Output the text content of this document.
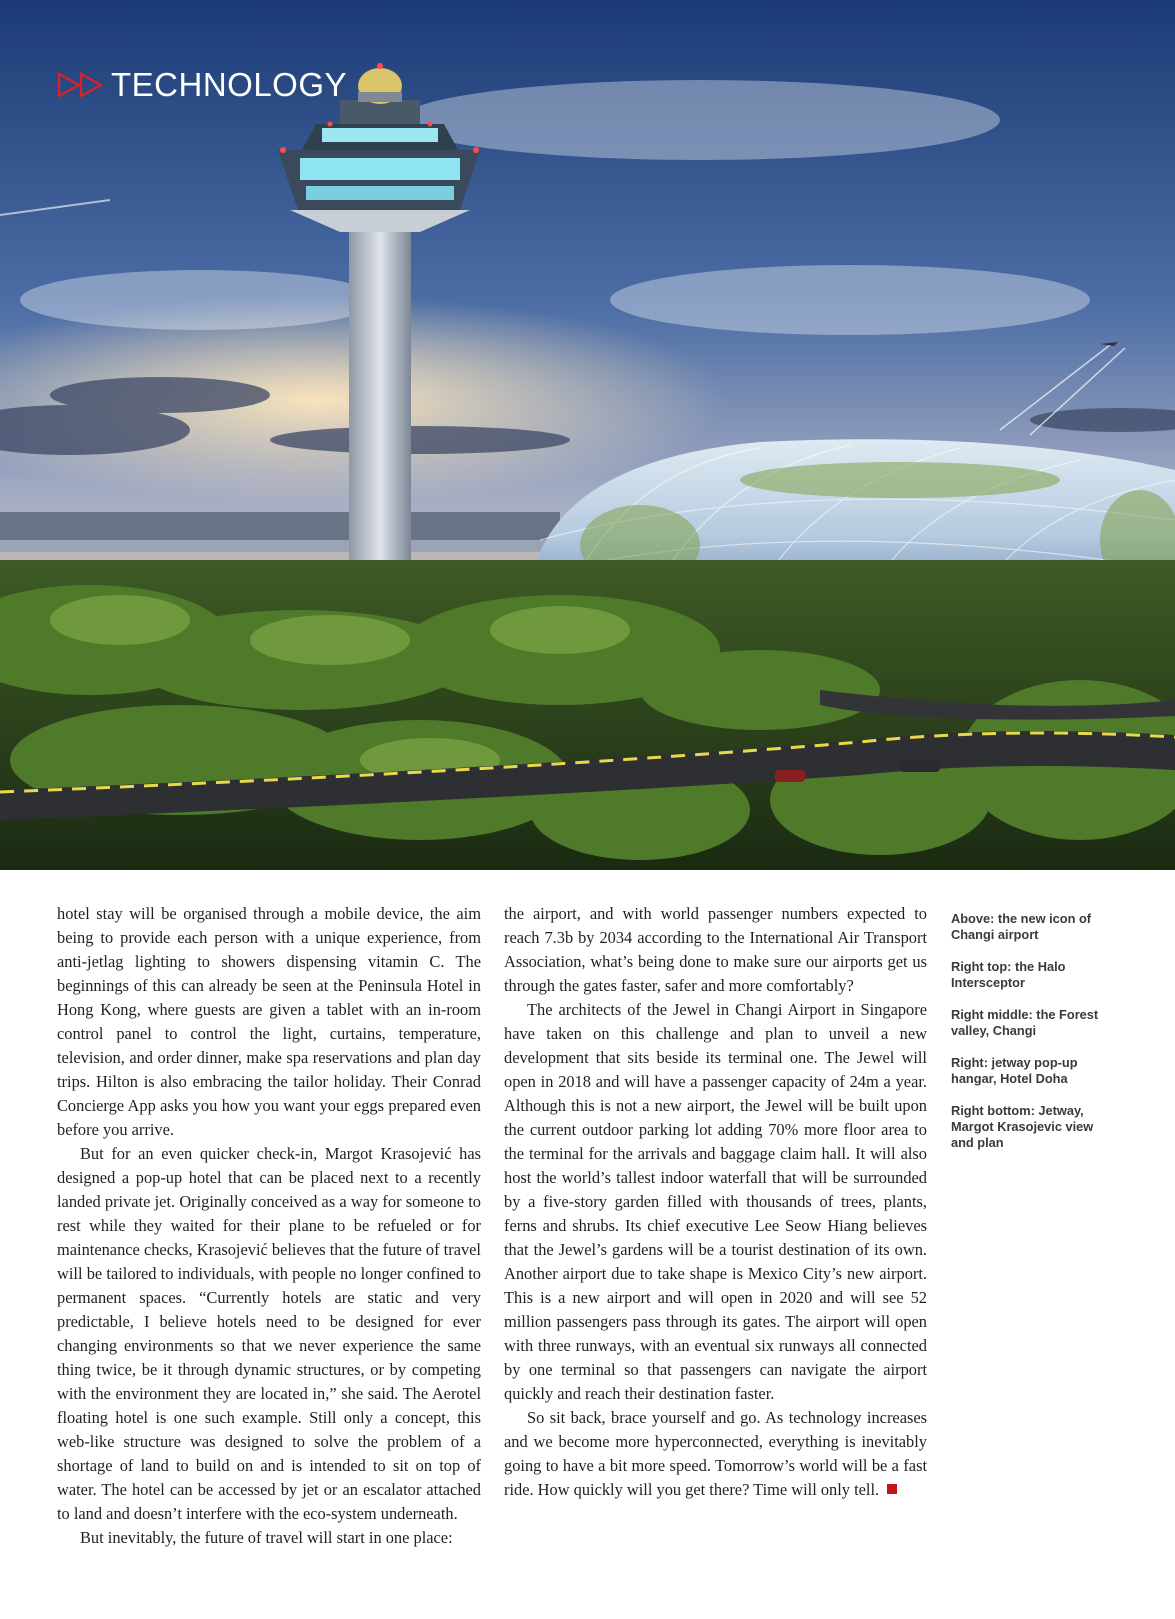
TECHNOLOGY

hotel stay will be organised through a mobile device, the aim being to provide each person with a unique experience, from anti-jetlag lighting to showers dispensing vitamin C. The beginnings of this can already be seen at the Peninsula Hotel in Hong Kong, where guests are given a tablet with an in-room control panel to control the light, curtains, temperature, television, and order dinner, make spa reservations and plan day trips. Hilton is also embracing the tailor holiday. Their Conrad Concierge App asks you how you want your eggs prepared even before you arrive.

But for an even quicker check-in, Margot Krasojević has designed a pop-up hotel that can be placed next to a recently landed private jet. Originally conceived as a way for someone to rest while they waited for their plane to be refueled or for maintenance checks, Krasojević believes that the future of travel will be tailored to individuals, with people no longer confined to permanent spaces. “Currently hotels are static and very predictable, I believe hotels need to be designed for ever changing environments so that we never experience the same thing twice, be it through dynamic structures, or by competing with the environment they are located in,” she said. The Aerotel floating hotel is one such example. Still only a concept, this web-like structure was designed to solve the problem of a shortage of land to build on and is intended to sit on top of water. The hotel can be accessed by jet or an escalator attached to land and doesn’t interfere with the eco-system underneath.

But inevitably, the future of travel will start in one place:

the airport, and with world passenger numbers expected to reach 7.3b by 2034 according to the International Air Transport Association, what’s being done to make sure our airports get us through the gates faster, safer and more comfortably?

The architects of the Jewel in Changi Airport in Singapore have taken on this challenge and plan to unveil a new development that sits beside its terminal one. The Jewel will open in 2018 and will have a passenger capacity of 24m a year. Although this is not a new airport, the Jewel will be built upon the current outdoor parking lot adding 70% more floor area to the terminal for the arrivals and baggage claim hall. It will also host the world’s tallest indoor waterfall that will be surrounded by a five-story garden filled with thousands of trees, plants, ferns and shrubs. Its chief executive Lee Seow Hiang believes that the Jewel’s gardens will be a tourist destination of its own. Another airport due to take shape is Mexico City’s new airport. This is a new airport and will open in 2020 and will see 52 million passengers pass through its gates. The airport will open with three runways, with an eventual six runways all connected by one terminal so that passengers can navigate the airport quickly and reach their destination faster.

So sit back, brace yourself and go. As technology increases and we become more hyperconnected, everything is inevitably going to have a bit more speed. Tomorrow’s world will be a fast ride. How quickly will you get there? Time will only tell.

Above: the new icon of Changi airport

Right top: the Halo Intersceptor

Right middle: the Forest valley, Changi

Right: jetway pop-up hangar, Hotel Doha

Right bottom: Jetway, Margot Krasojevic view and plan
